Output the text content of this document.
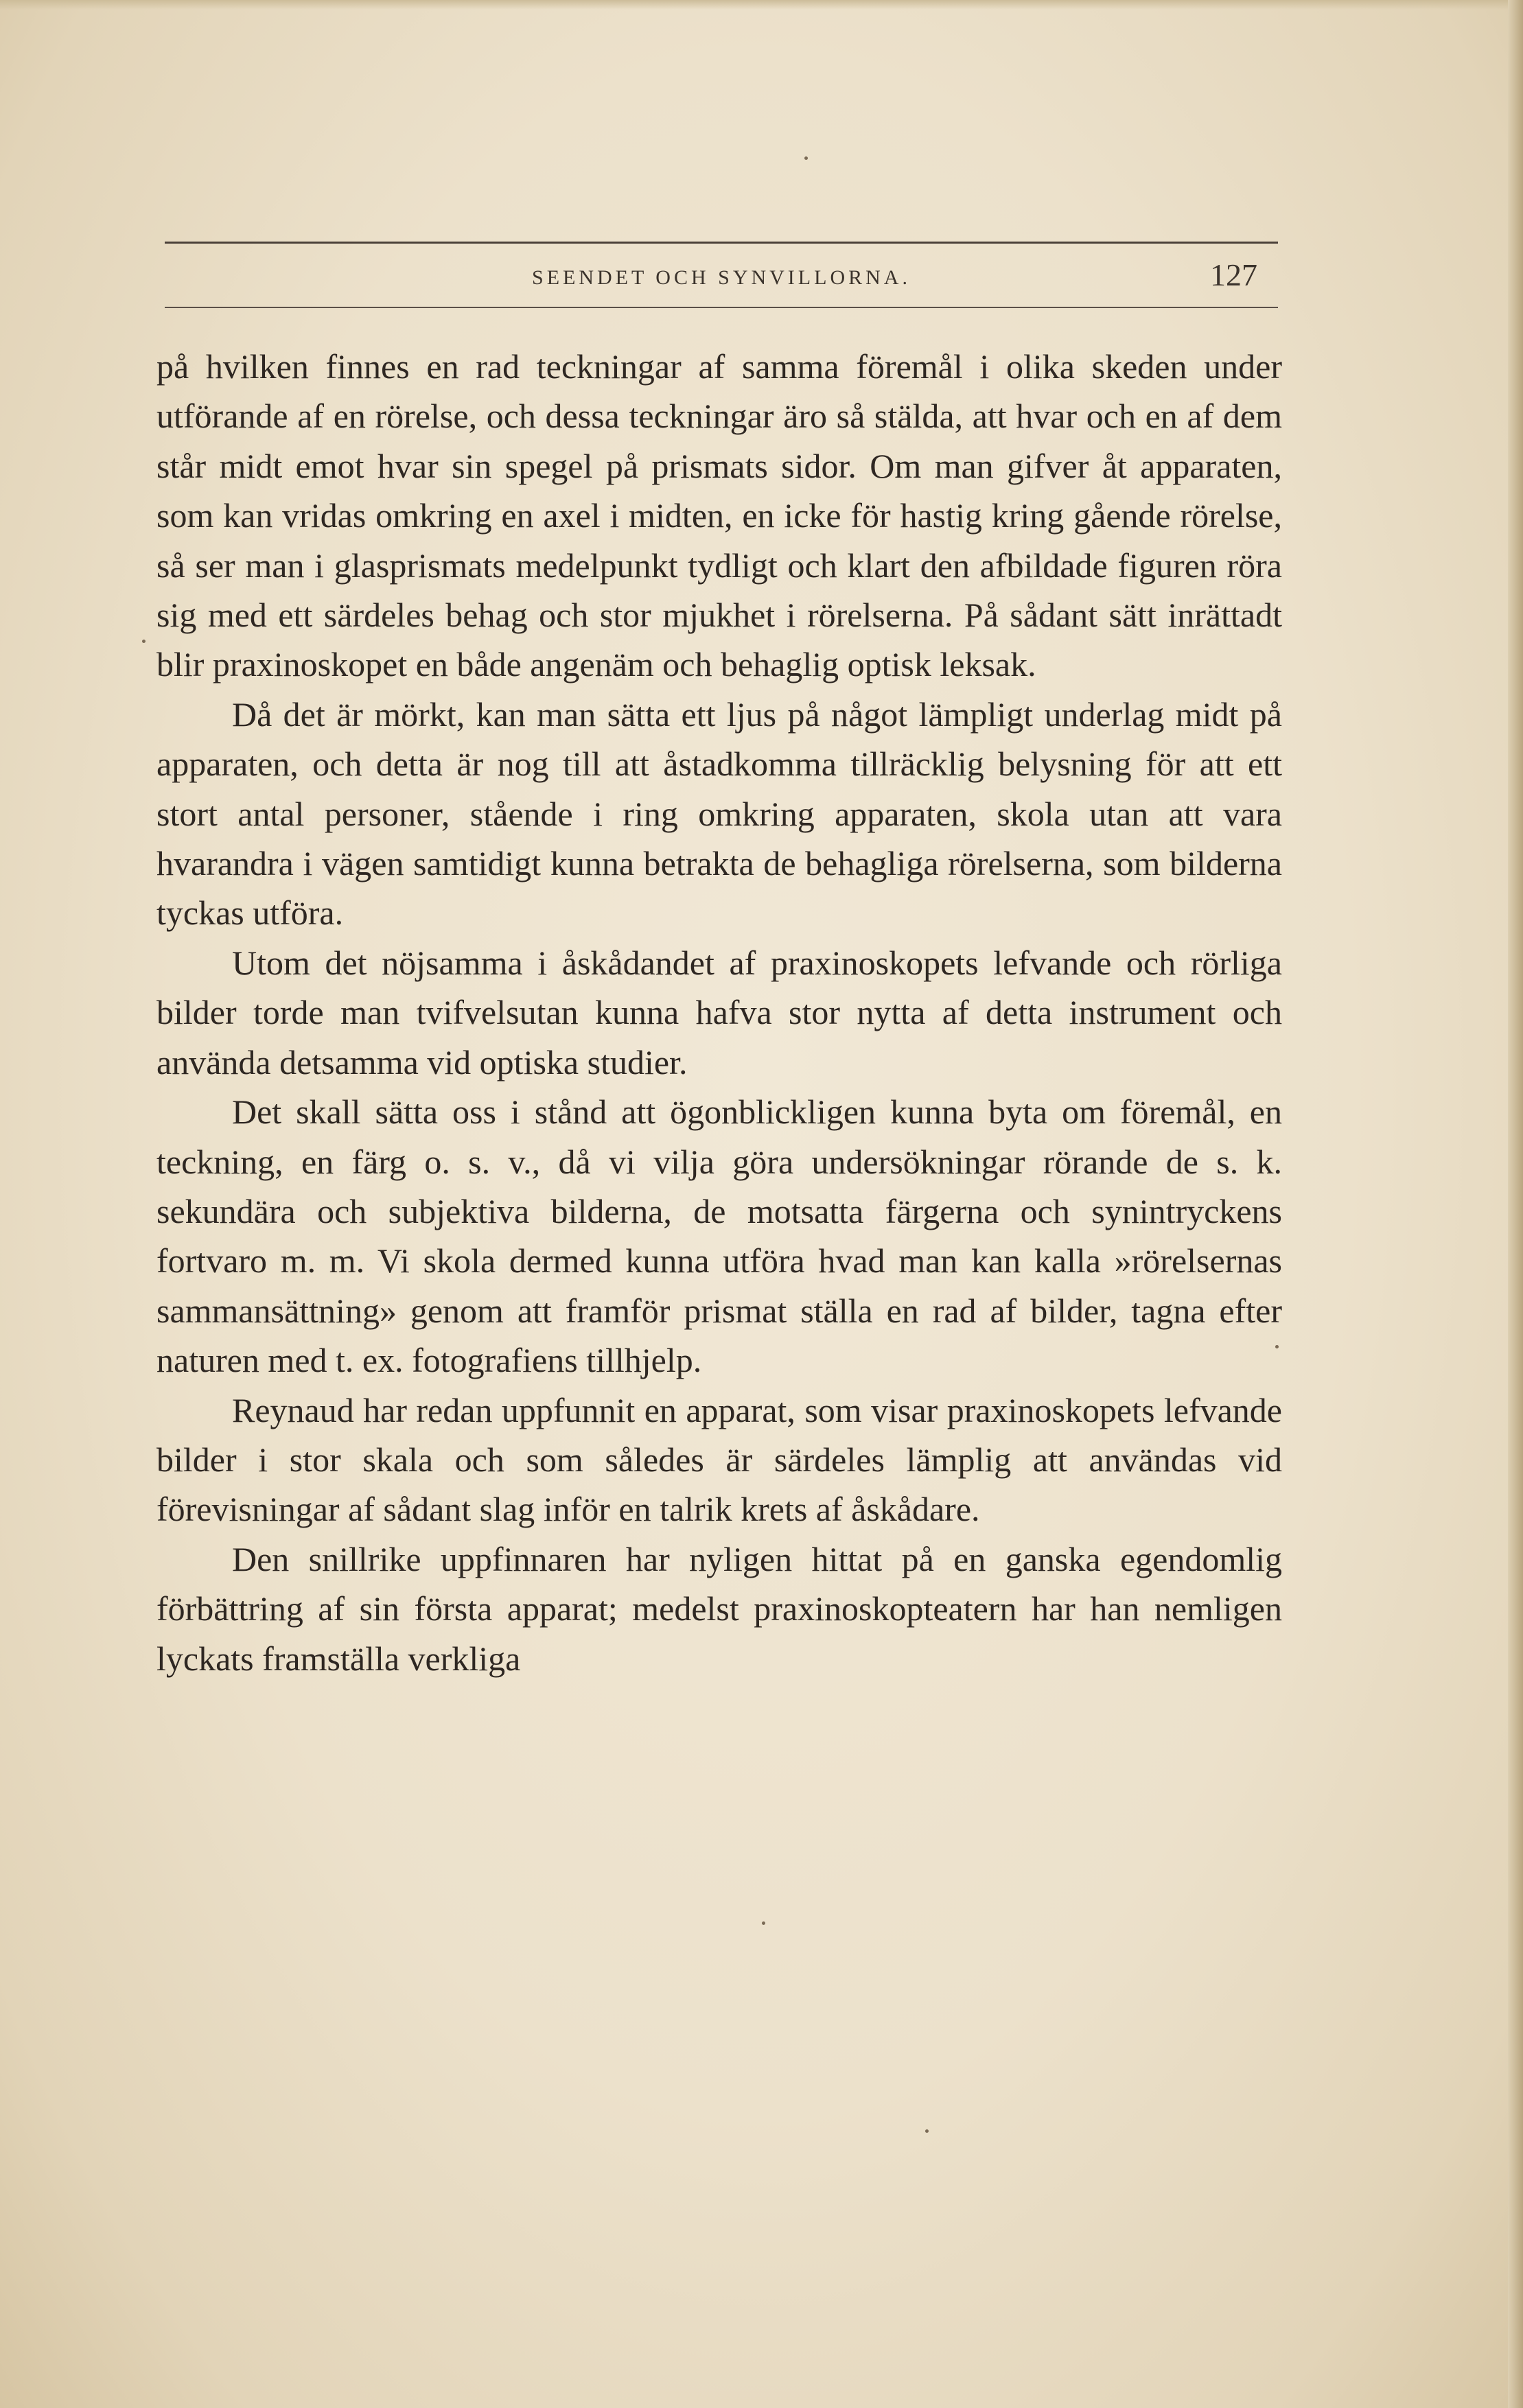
SEENDET OCH SYNVILLORNA.	127

på hvilken finnes en rad teckningar af samma föremål i olika skeden under utförande af en rörelse, och dessa teckningar äro så stälda, att hvar och en af dem står midt emot hvar sin spegel på prismats sidor. Om man gifver åt apparaten, som kan vridas omkring en axel i midten, en icke för hastig kring gående rörelse, så ser man i glasprismats medelpunkt tydligt och klart den afbildade figuren röra sig med ett särdeles behag och stor mjukhet i rörelserna. På sådant sätt inrättadt blir praxinoskopet en både angenäm och behaglig optisk leksak.

Då det är mörkt, kan man sätta ett ljus på något lämpligt underlag midt på apparaten, och detta är nog till att åstadkomma tillräcklig belysning för att ett stort antal personer, stående i ring omkring apparaten, skola utan att vara hvarandra i vägen samtidigt kunna betrakta de behagliga rörelserna, som bilderna tyckas utföra.

Utom det nöjsamma i åskådandet af praxinoskopets lefvande och rörliga bilder torde man tvifvelsutan kunna hafva stor nytta af detta instrument och använda detsamma vid optiska studier.

Det skall sätta oss i stånd att ögonblickligen kunna byta om föremål, en teckning, en färg o. s. v., då vi vilja göra undersökningar rörande de s. k. sekundära och subjektiva bilderna, de motsatta färgerna och synintryckens fortvaro m. m. Vi skola dermed kunna utföra hvad man kan kalla »rörelsernas sammansättning» genom att framför prismat ställa en rad af bilder, tagna efter naturen med t. ex. fotografiens tillhjelp.

Reynaud har redan uppfunnit en apparat, som visar praxinoskopets lefvande bilder i stor skala och som således är särdeles lämplig att användas vid förevisningar af sådant slag inför en talrik krets af åskådare.

Den snillrike uppfinnaren har nyligen hittat på en ganska egendomlig förbättring af sin första apparat; medelst praxinoskopteatern har han nemligen lyckats framställa verkliga
